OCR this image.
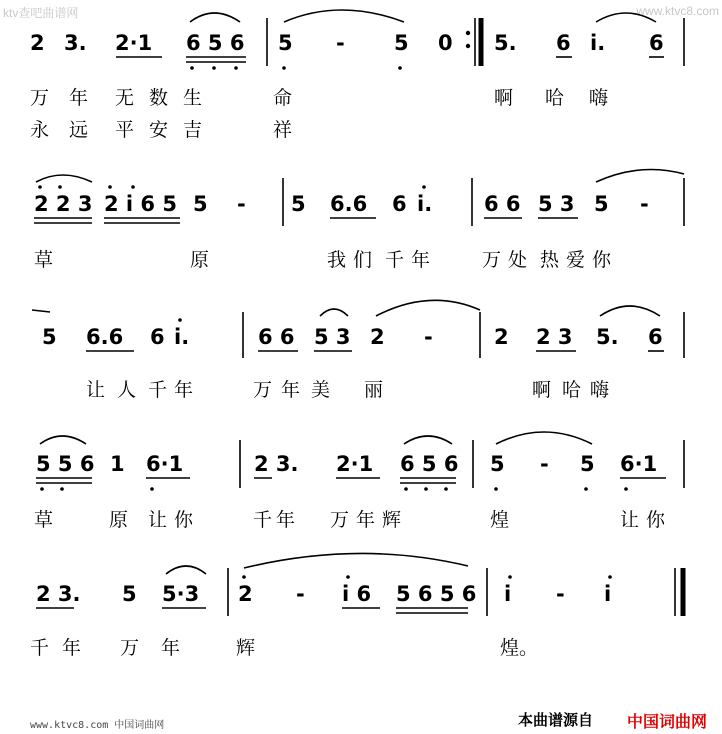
ktv查吧曲谱网	www.ktvc8.com
2 3. 2·1 6 5 6 5 - 5 0 5. 6 i. 6
万 年 无 数 生	命	啊 哈 嗨
永 远 平 安 吉	祥
2 2 3 2 i 6 5 5 - 5 6.6 6 i. 6 6 5 3 5 -
草	原	我 们 千 年	万 处 热 爱 你
5 6.6 6 i.	6 6 5 3 2 -	2 2 3 5. 6
让 人 千 年	万 年 美 丽	啊 哈 嗨
5 5 6 1 6·1	2 3. 2·1 6 5 6 5 - 5 6·1
草	原 让 你	千 年 万 年 辉	煌	让 你
2 3. 5 5·3 2 - i 6 5 6 5 6 i - i
千 年 万 年	辉	煌。
www.ktvc8.com 中国词曲网	本曲谱源自 中国词曲网
